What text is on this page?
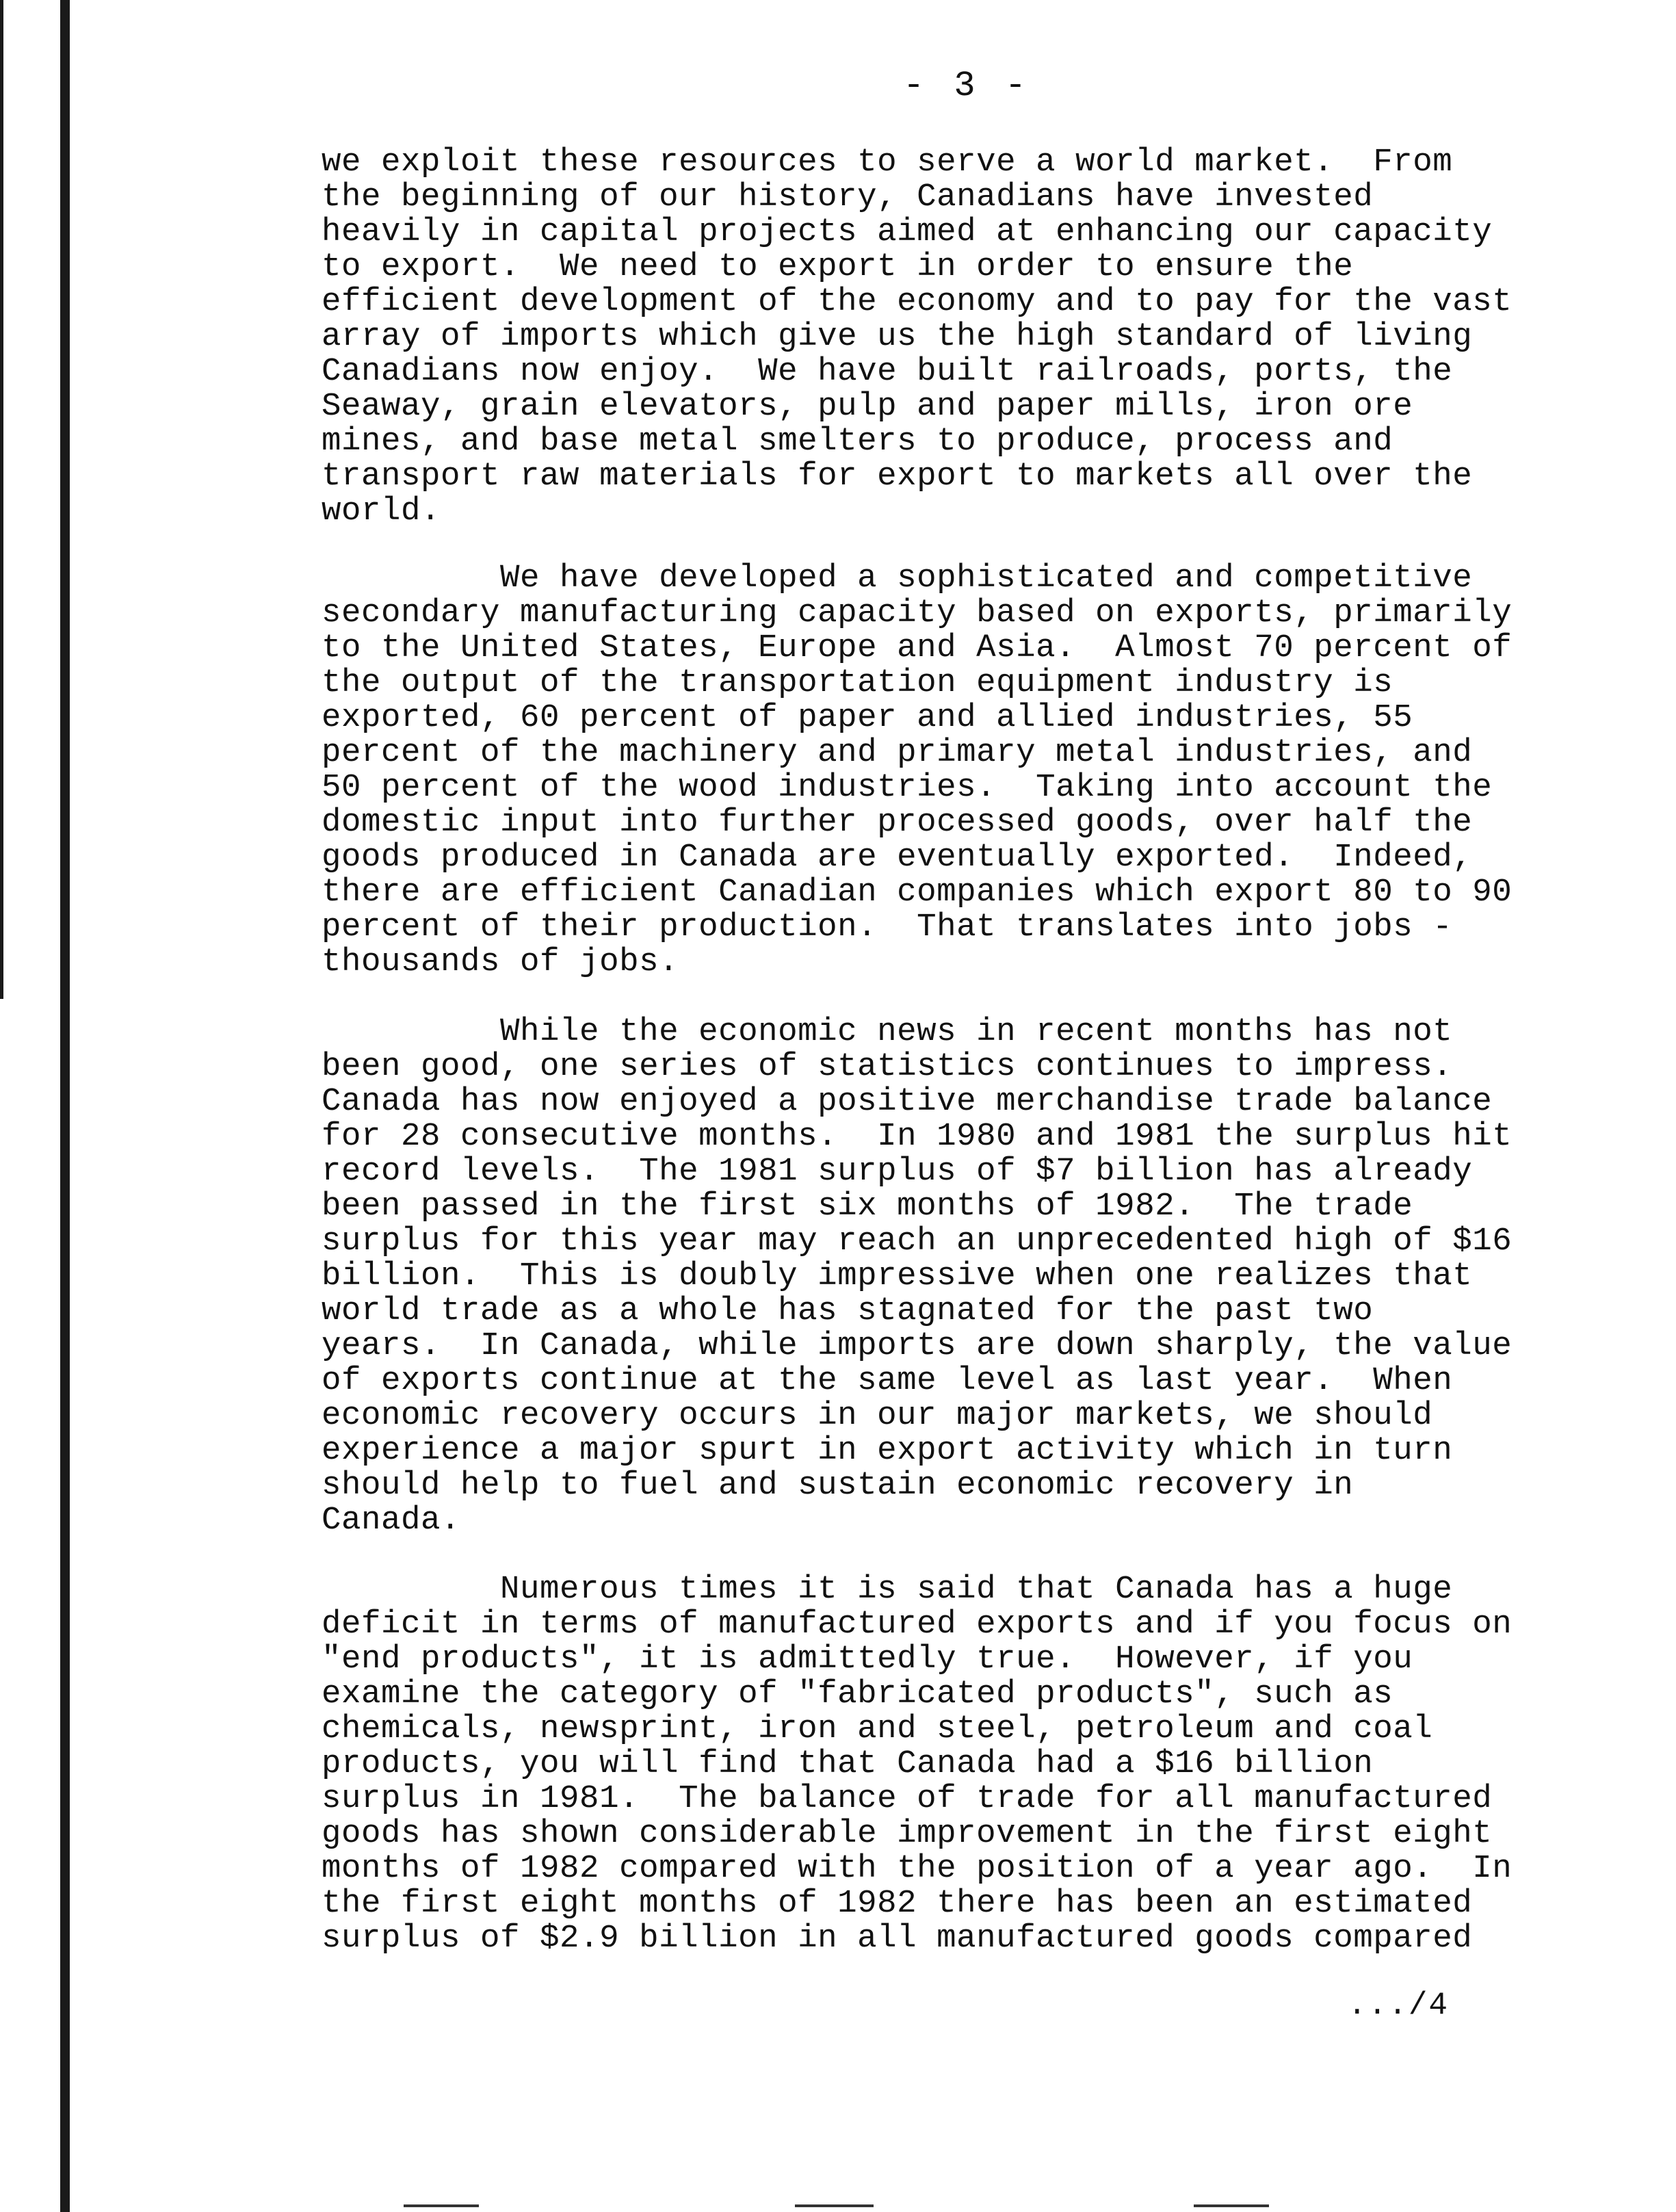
- 3 -

we exploit these resources to serve a world market.  From
the beginning of our history, Canadians have invested
heavily in capital projects aimed at enhancing our capacity
to export.  We need to export in order to ensure the
efficient development of the economy and to pay for the vast
array of imports which give us the high standard of living
Canadians now enjoy.  We have built railroads, ports, the
Seaway, grain elevators, pulp and paper mills, iron ore
mines, and base metal smelters to produce, process and
transport raw materials for export to markets all over the
world.

We have developed a sophisticated and competitive
secondary manufacturing capacity based on exports, primarily
to the United States, Europe and Asia.  Almost 70 percent of
the output of the transportation equipment industry is
exported, 60 percent of paper and allied industries, 55
percent of the machinery and primary metal industries, and
50 percent of the wood industries.  Taking into account the
domestic input into further processed goods, over half the
goods produced in Canada are eventually exported.  Indeed,
there are efficient Canadian companies which export 80 to 90
percent of their production.  That translates into jobs -
thousands of jobs.

While the economic news in recent months has not
been good, one series of statistics continues to impress.
Canada has now enjoyed a positive merchandise trade balance
for 28 consecutive months.  In 1980 and 1981 the surplus hit
record levels.  The 1981 surplus of $7 billion has already
been passed in the first six months of 1982.  The trade
surplus for this year may reach an unprecedented high of $16
billion.  This is doubly impressive when one realizes that
world trade as a whole has stagnated for the past two
years.  In Canada, while imports are down sharply, the value
of exports continue at the same level as last year.  When
economic recovery occurs in our major markets, we should
experience a major spurt in export activity which in turn
should help to fuel and sustain economic recovery in
Canada.

Numerous times it is said that Canada has a huge
deficit in terms of manufactured exports and if you focus on
"end products", it is admittedly true.  However, if you
examine the category of "fabricated products", such as
chemicals, newsprint, iron and steel, petroleum and coal
products, you will find that Canada had a $16 billion
surplus in 1981.  The balance of trade for all manufactured
goods has shown considerable improvement in the first eight
months of 1982 compared with the position of a year ago.  In
the first eight months of 1982 there has been an estimated
surplus of $2.9 billion in all manufactured goods compared

.../4
